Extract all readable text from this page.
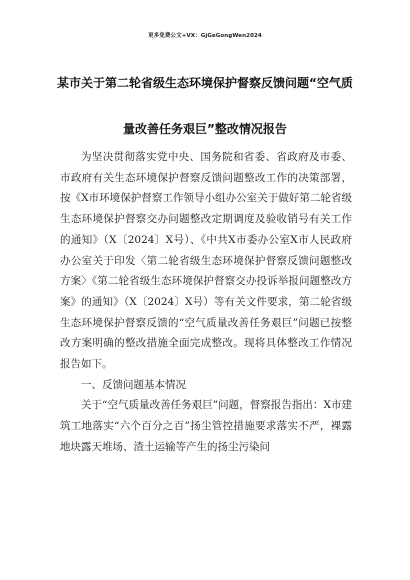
更多免费公文+VX：GjGeGongWen2024
某市关于第二轮省级生态环境保护督察反馈问题“空气质
量改善任务艰巨”整改情况报告

为坚决贯彻落实党中央、国务院和省委、省政府及市委、市政府有关生态环境保护督察反馈问题整改工作的决策部署，按《X市环境保护督察工作领导小组办公室关于做好第二轮省级生态环境保护督察交办问题整改定期调度及验收销号有关工作的通知》（X〔2024〕X号）、《中共X市委办公室X市人民政府办公室关于印发〈第二轮省级生态环境保护督察反馈问题整改方案〉《第二轮省级生态环境保护督察交办投诉举报问题整改方案》的通知》（X〔2024〕X号）等有关文件要求，第二轮省级生态环境保护督察反馈的“空气质量改善任务艰巨”问题已按整改方案明确的整改措施全面完成整改。现将具体整改工作情况报告如下。

一、反馈问题基本情况

关于“空气质量改善任务艰巨”问题，督察报告指出：X市建筑工地落实“六个百分之百”扬尘管控措施要求落实不严，裸露地块露天堆场、渣土运输等产生的扬尘污染问
